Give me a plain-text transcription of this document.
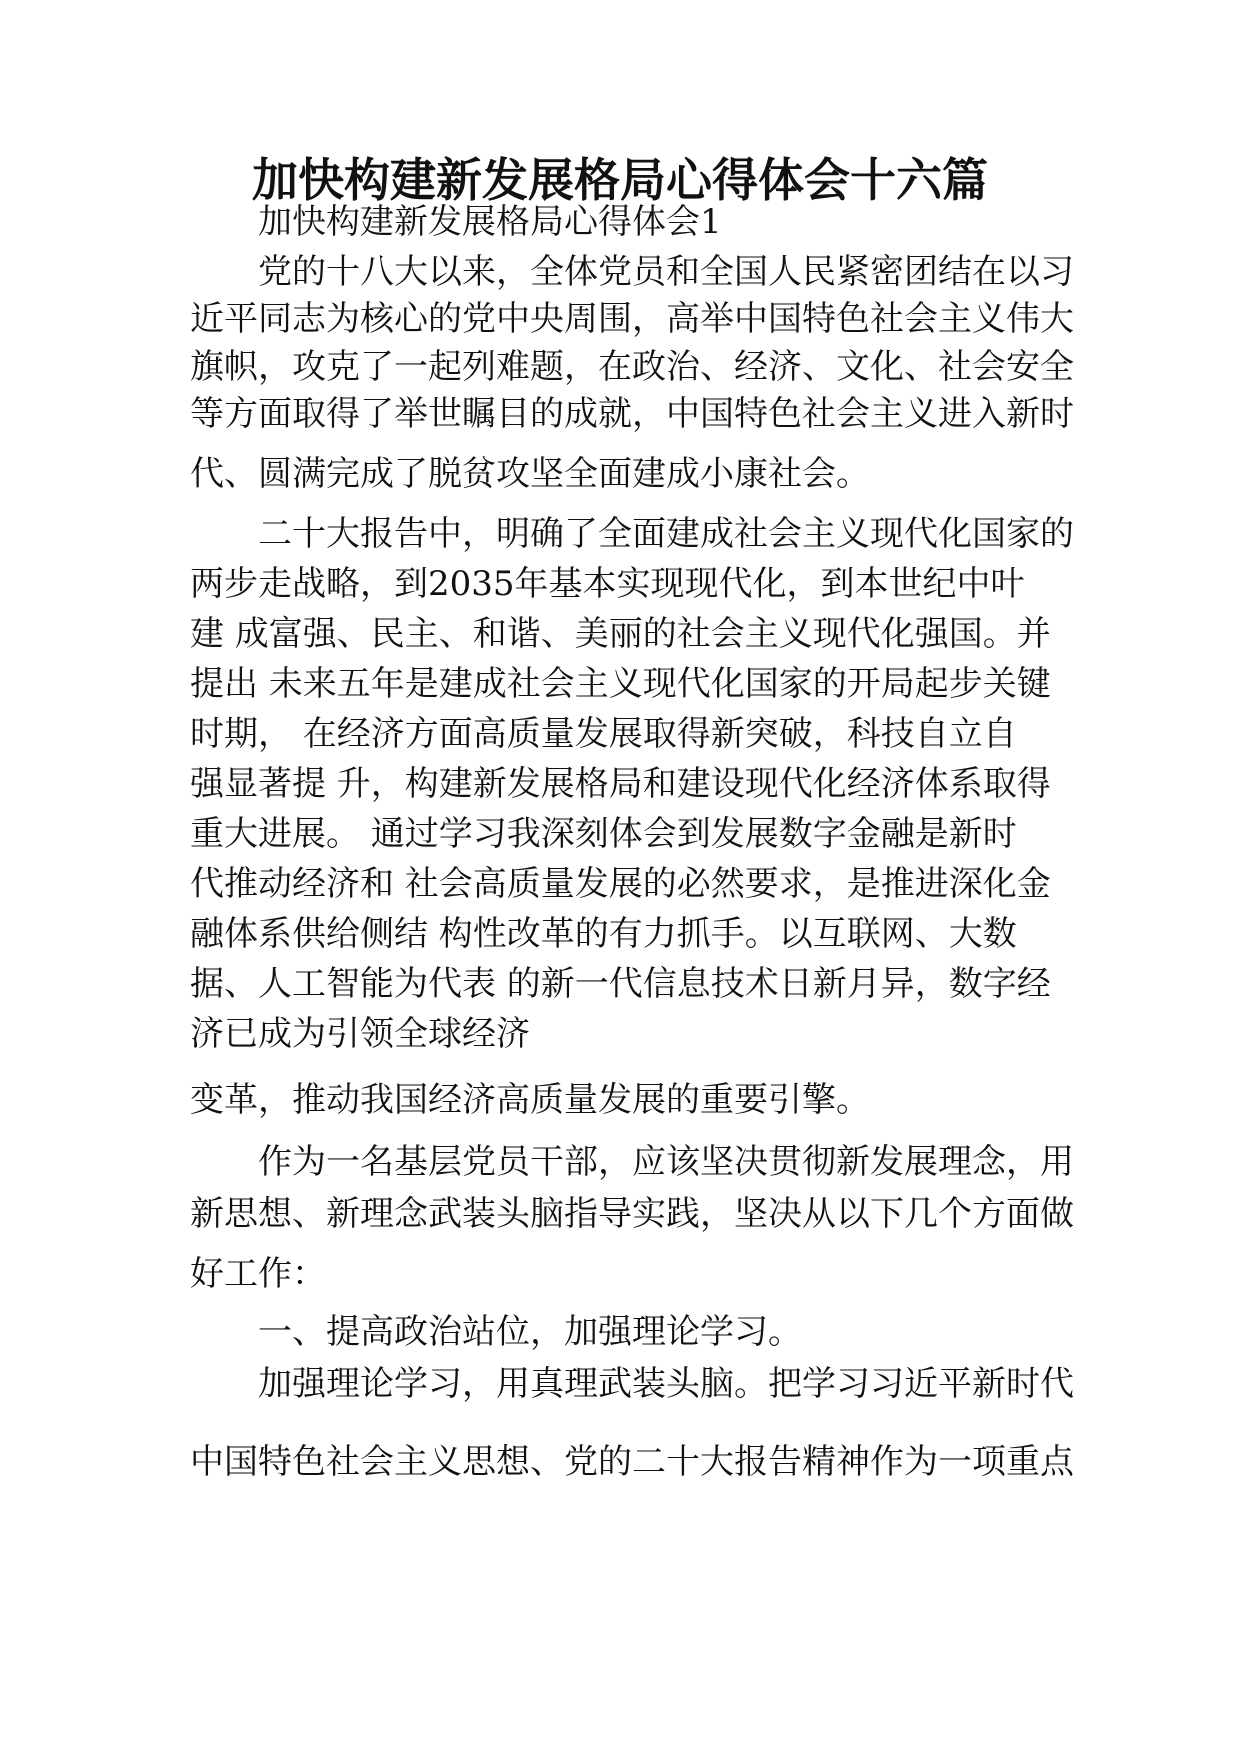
加快构建新发展格局心得体会十六篇
加快构建新发展格局心得体会1
党的十八大以来，全体党员和全国人民紧密团结在以习
近平同志为核心的党中央周围，高举中国特色社会主义伟大
旗帜，攻克了一起列难题，在政治、经济、文化、社会安全
等方面取得了举世瞩目的成就，中国特色社会主义进入新时
代、圆满完成了脱贫攻坚全面建成小康社会。
二十大报告中，明确了全面建成社会主义现代化国家的
两步走战略，到2035年基本实现现代化，到本世纪中叶
建 成富强、民主、和谐、美丽的社会主义现代化强国。并
提出 未来五年是建成社会主义现代化国家的开局起步关键
时期， 在经济方面高质量发展取得新突破，科技自立自
强显著提 升，构建新发展格局和建设现代化经济体系取得
重大进展。 通过学习我深刻体会到发展数字金融是新时
代推动经济和 社会高质量发展的必然要求，是推进深化金
融体系供给侧结 构性改革的有力抓手。以互联网、大数
据、人工智能为代表 的新一代信息技术日新月异，数字经
济已成为引领全球经济
变革，推动我国经济高质量发展的重要引擎。
作为一名基层党员干部，应该坚决贯彻新发展理念，用
新思想、新理念武装头脑指导实践，坚决从以下几个方面做
好工作：
一、提高政治站位，加强理论学习。
加强理论学习，用真理武装头脑。把学习习近平新时代
中国特色社会主义思想、党的二十大报告精神作为一项重点
